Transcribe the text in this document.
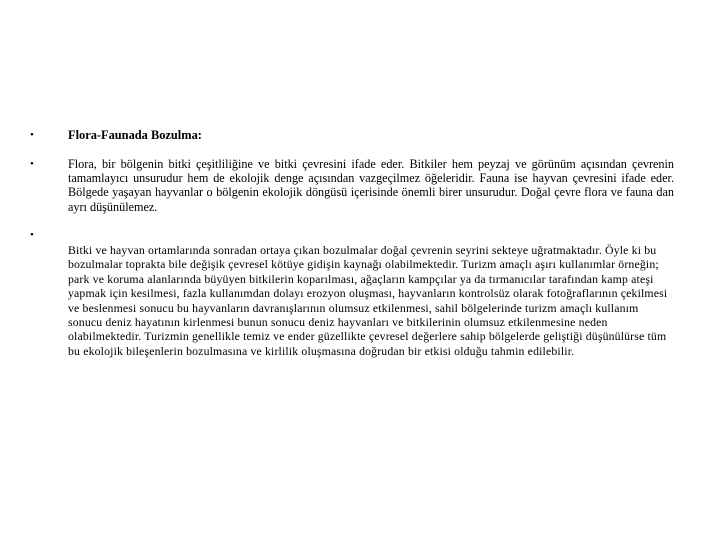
•	Flora-Faunada Bozulma:
•	Flora, bir bölgenin bitki çeşitliliğine ve bitki çevresini ifade eder. Bitkiler hem peyzaj ve görünüm açısından çevrenin tamamlayıcı unsurudur hem de ekolojik denge açısından vazgeçilmez öğeleridir. Fauna ise hayvan çevresini ifade eder. Bölgede yaşayan hayvanlar o bölgenin ekolojik döngüsü içerisinde önemli birer unsurudur. Doğal çevre flora ve fauna dan ayrı düşünülemez.
•
Bitki ve hayvan ortamlarında sonradan ortaya çıkan bozulmalar doğal çevrenin seyrini sekteye uğratmaktadır. Öyle ki bu bozulmalar toprakta bile değişik çevresel kötüye gidişin kaynağı olabilmektedir. Turizm amaçlı aşırı kullanımlar örneğin; park ve koruma alanlarında büyüyen bitkilerin koparılması, ağaçların kampçılar ya da tırmanıcılar tarafından kamp ateşi yapmak için kesilmesi, fazla kullanımdan dolayı erozyon oluşması, hayvanların kontrolsüz olarak fotoğraflarının çekilmesi ve beslenmesi sonucu bu hayvanların davranışlarının olumsuz etkilenmesi, sahil bölgelerinde turizm amaçlı kullanım sonucu deniz hayatının kirlenmesi bunun sonucu deniz hayvanları ve bitkilerinin olumsuz etkilenmesine neden olabilmektedir. Turizmin genellikle temiz ve ender güzellikte çevresel değerlere sahip bölgelerde geliştiği düşünülürse tüm bu ekolojik bileşenlerin bozulmasına ve kirlilik oluşmasına doğrudan bir etkisi olduğu tahmin edilebilir.
